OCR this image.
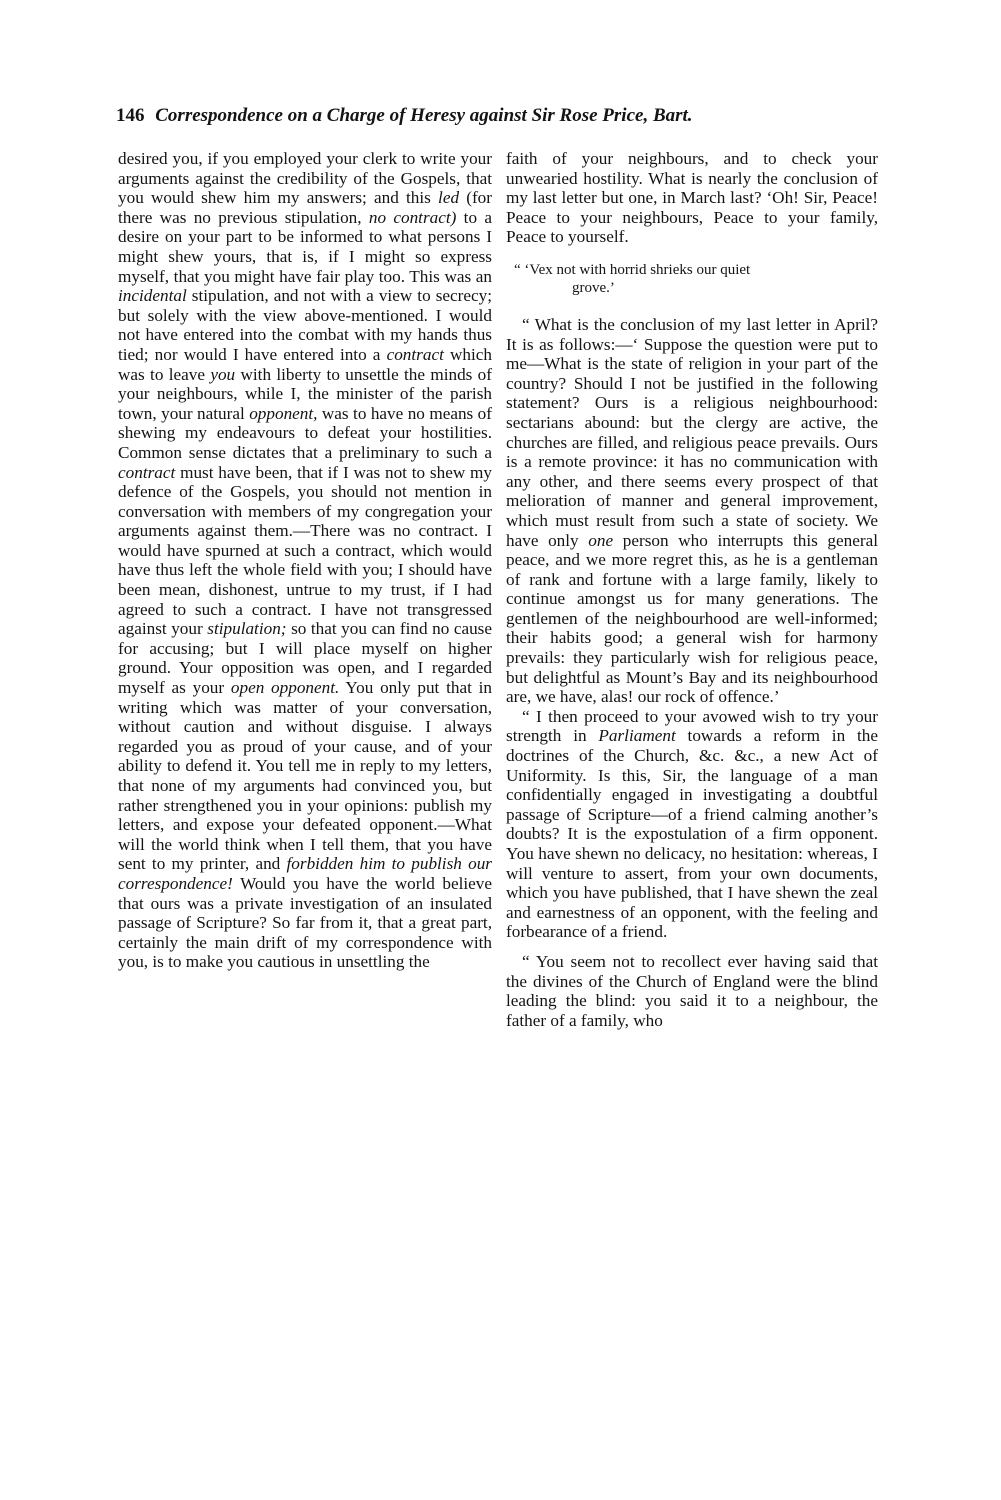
146 Correspondence on a Charge of Heresy against Sir Rose Price, Bart.

desired you, if you employed your clerk to write your arguments against the credibility of the Gospels, that you would shew him my answers; and this led (for there was no previous stipulation, no contract) to a desire on your part to be informed to what persons I might shew yours, that is, if I might so express myself, that you might have fair play too. This was an incidental stipulation, and not with a view to secrecy; but solely with the view above-mentioned. I would not have entered into the combat with my hands thus tied; nor would I have entered into a contract which was to leave you with liberty to unsettle the minds of your neighbours, while I, the minister of the parish town, your natural opponent, was to have no means of shewing my endeavours to defeat your hostilities. Common sense dictates that a preliminary to such a contract must have been, that if I was not to shew my defence of the Gospels, you should not mention in conversation with members of my congregation your arguments against them.—There was no contract. I would have spurned at such a contract, which would have thus left the whole field with you; I should have been mean, dishonest, untrue to my trust, if I had agreed to such a contract. I have not transgressed against your stipulation; so that you can find no cause for accusing; but I will place myself on higher ground. Your opposition was open, and I regarded myself as your open opponent. You only put that in writing which was matter of your conversation, without caution and without disguise. I always regarded you as proud of your cause, and of your ability to defend it. You tell me in reply to my letters, that none of my arguments had convinced you, but rather strengthened you in your opinions: publish my letters, and expose your defeated opponent.—What will the world think when I tell them, that you have sent to my printer, and forbidden him to publish our correspondence! Would you have the world believe that ours was a private investigation of an insulated passage of Scripture? So far from it, that a great part, certainly the main drift of my correspondence with you, is to make you cautious in unsettling the

faith of your neighbours, and to check your unwearied hostility. What is nearly the conclusion of my last letter but one, in March last? ‘Oh! Sir, Peace! Peace to your neighbours, Peace to your family, Peace to yourself.

“ ‘Vex not with horrid shrieks our quiet
grove.’

“ What is the conclusion of my last letter in April? It is as follows:—‘ Suppose the question were put to me—What is the state of religion in your part of the country? Should I not be justified in the following statement? Ours is a religious neighbourhood: sectarians abound: but the clergy are active, the churches are filled, and religious peace prevails. Ours is a remote province: it has no communication with any other, and there seems every prospect of that melioration of manner and general improvement, which must result from such a state of society. We have only one person who interrupts this general peace, and we more regret this, as he is a gentleman of rank and fortune with a large family, likely to continue amongst us for many generations. The gentlemen of the neighbourhood are well-informed; their habits good; a general wish for harmony prevails: they particularly wish for religious peace, but delightful as Mount’s Bay and its neighbourhood are, we have, alas! our rock of offence.’

“ I then proceed to your avowed wish to try your strength in Parliament towards a reform in the doctrines of the Church, &c. &c., a new Act of Uniformity. Is this, Sir, the language of a man confidentially engaged in investigating a doubtful passage of Scripture—of a friend calming another’s doubts? It is the expostulation of a firm opponent. You have shewn no delicacy, no hesitation: whereas, I will venture to assert, from your own documents, which you have published, that I have shewn the zeal and earnestness of an opponent, with the feeling and forbearance of a friend.

“ You seem not to recollect ever having said that the divines of the Church of England were the blind leading the blind: you said it to a neighbour, the father of a family, who
